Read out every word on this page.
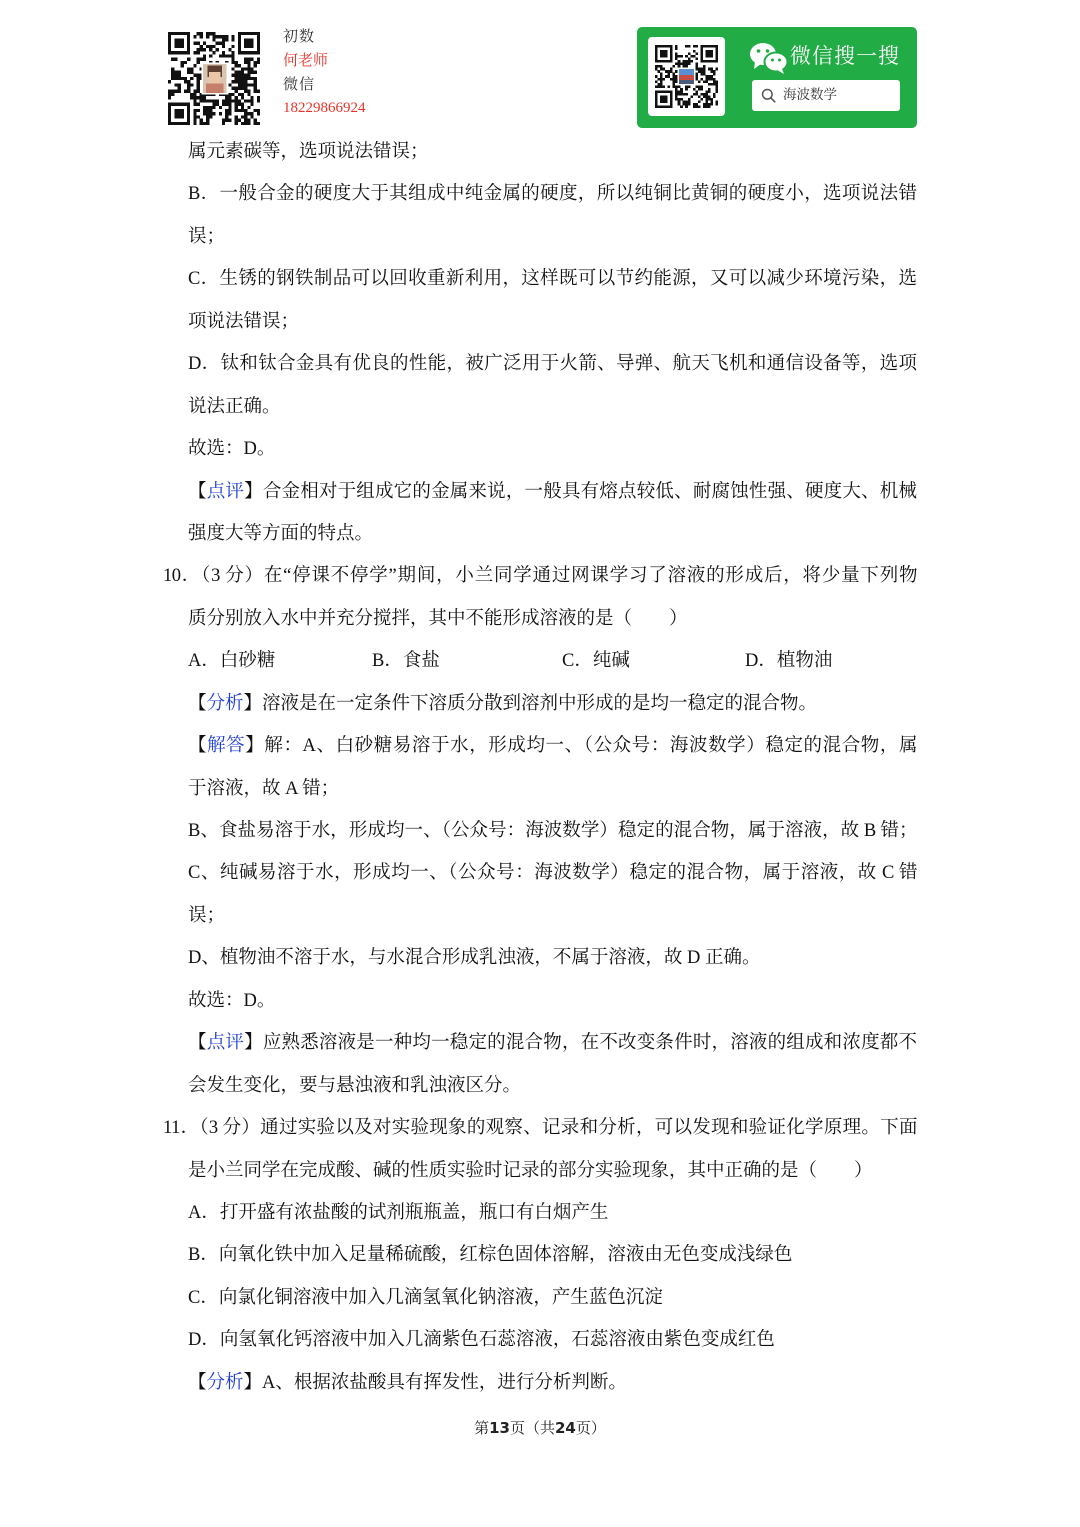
初数
何老师
微信
18229866924
微信搜一搜
海波数学
属元素碳等，选项说法错误；
B．一般合金的硬度大于其组成中纯金属的硬度，所以纯铜比黄铜的硬度小，选项说法错
误；
C．生锈的钢铁制品可以回收重新利用，这样既可以节约能源，又可以减少环境污染，选
项说法错误；
D．钛和钛合金具有优良的性能，被广泛用于火箭、导弹、航天飞机和通信设备等，选项
说法正确。
故选：D。
【点评】合金相对于组成它的金属来说，一般具有熔点较低、耐腐蚀性强、硬度大、机械
强度大等方面的特点。
10．（3 分）在“停课不停学”期间，小兰同学通过网课学习了溶液的形成后，将少量下列物
质分别放入水中并充分搅拌，其中不能形成溶液的是（　　）
A．白砂糖	B．食盐	C．纯碱	D．植物油
【分析】溶液是在一定条件下溶质分散到溶剂中形成的是均一稳定的混合物。
【解答】解：A、白砂糖易溶于水，形成均一、（公众号：海波数学）稳定的混合物，属
于溶液，故 A 错；
B、食盐易溶于水，形成均一、（公众号：海波数学）稳定的混合物，属于溶液，故 B 错；
C、纯碱易溶于水，形成均一、（公众号：海波数学）稳定的混合物，属于溶液，故 C 错
误；
D、植物油不溶于水，与水混合形成乳浊液，不属于溶液，故 D 正确。
故选：D。
【点评】应熟悉溶液是一种均一稳定的混合物，在不改变条件时，溶液的组成和浓度都不
会发生变化，要与悬浊液和乳浊液区分。
11．（3 分）通过实验以及对实验现象的观察、记录和分析，可以发现和验证化学原理。下面
是小兰同学在完成酸、碱的性质实验时记录的部分实验现象，其中正确的是（　　）
A．打开盛有浓盐酸的试剂瓶瓶盖，瓶口有白烟产生
B．向氧化铁中加入足量稀硫酸，红棕色固体溶解，溶液由无色变成浅绿色
C．向氯化铜溶液中加入几滴氢氧化钠溶液，产生蓝色沉淀
D．向氢氧化钙溶液中加入几滴紫色石蕊溶液，石蕊溶液由紫色变成红色
【分析】A、根据浓盐酸具有挥发性，进行分析判断。
第13页（共24页）
